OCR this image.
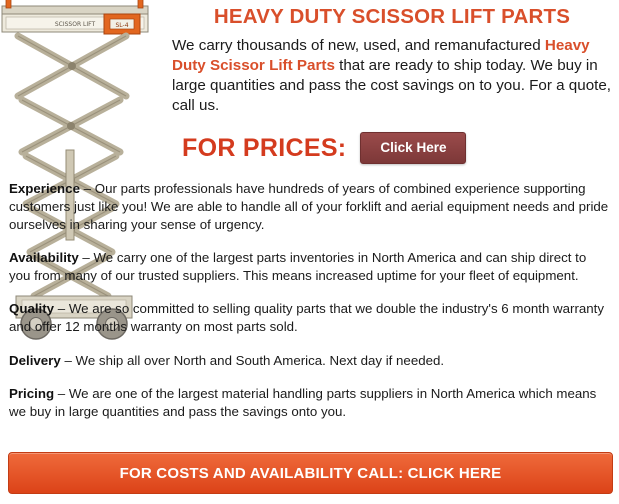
SCISSOR LIFT	SL-4	HEAVY DUTY SCISSOR LIFT PARTS

We carry thousands of new, used, and remanufactured Heavy Duty Scissor Lift Parts that are ready to ship today. We buy in large quantities and pass the cost savings on to you. For a quote, call us.

FOR PRICES:	Click Here

Experience – Our parts professionals have hundreds of years of combined experience supporting customers just like you! We are able to handle all of your forklift and aerial equipment needs and pride ourselves in sharing your sense of urgency.

Availability – We carry one of the largest parts inventories in North America and can ship direct to you from many of our trusted suppliers. This means increased uptime for your fleet of equipment.

Quality – We are so committed to selling quality parts that we double the industry's 6 month warranty and offer 12 months warranty on most parts sold.

Delivery – We ship all over North and South America. Next day if needed.

Pricing – We are one of the largest material handling parts suppliers in North America which means we buy in large quantities and pass the savings onto you.

FOR COSTS AND AVAILABILITY CALL: CLICK HERE
